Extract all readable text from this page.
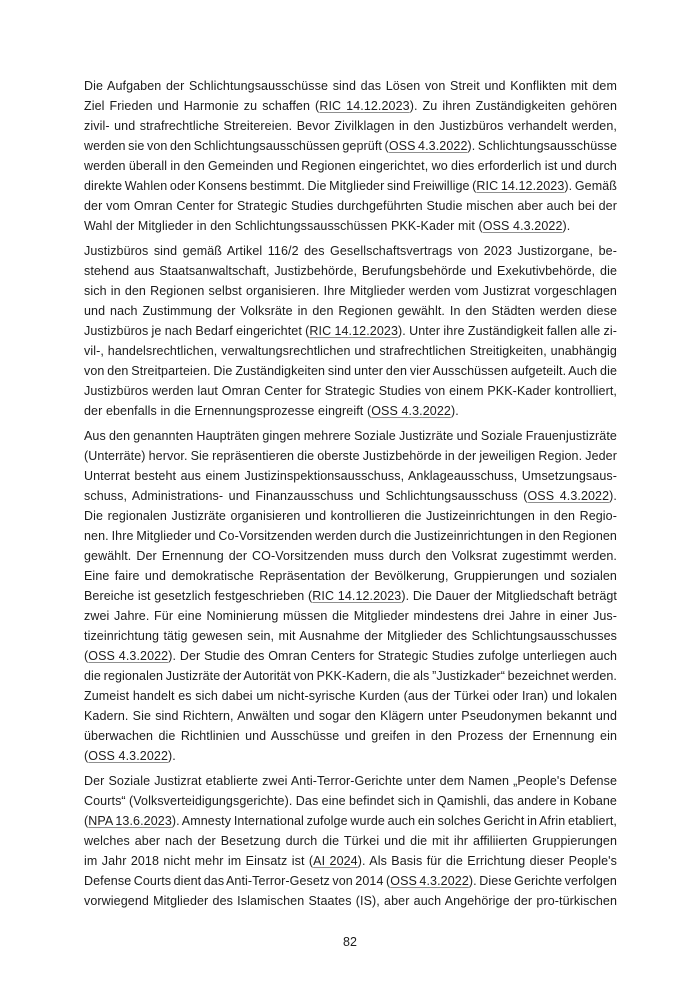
Die Aufgaben der Schlichtungsausschüsse sind das Lösen von Streit und Konflikten mit dem
Ziel Frieden und Harmonie zu schaffen (RIC 14.12.2023). Zu ihren Zuständigkeiten gehören
zivil- und strafrechtliche Streitereien. Bevor Zivilklagen in den Justizbüros verhandelt werden,
werden sie von den Schlichtungsausschüssen geprüft (OSS 4.3.2022). Schlichtungsausschüsse
werden überall in den Gemeinden und Regionen eingerichtet, wo dies erforderlich ist und durch
direkte Wahlen oder Konsens bestimmt. Die Mitglieder sind Freiwillige (RIC 14.12.2023). Gemäß
der vom Omran Center for Strategic Studies durchgeführten Studie mischen aber auch bei der
Wahl der Mitglieder in den Schlichtungssausschüssen PKK-Kader mit (OSS 4.3.2022).
Justizbüros sind gemäß Artikel 116/2 des Gesellschaftsvertrags von 2023 Justizorgane, be-
stehend aus Staatsanwaltschaft, Justizbehörde, Berufungsbehörde und Exekutivbehörde, die
sich in den Regionen selbst organisieren. Ihre Mitglieder werden vom Justizrat vorgeschlagen
und nach Zustimmung der Volksräte in den Regionen gewählt. In den Städten werden diese
Justizbüros je nach Bedarf eingerichtet (RIC 14.12.2023). Unter ihre Zuständigkeit fallen alle zi-
vil-, handelsrechtlichen, verwaltungsrechtlichen und strafrechtlichen Streitigkeiten, unabhängig
von den Streitparteien. Die Zuständigkeiten sind unter den vier Ausschüssen aufgeteilt. Auch die
Justizbüros werden laut Omran Center for Strategic Studies von einem PKK-Kader kontrolliert,
der ebenfalls in die Ernennungsprozesse eingreift (OSS 4.3.2022).
Aus den genannten Haupträten gingen mehrere Soziale Justizräte und Soziale Frauenjustizräte
(Unterräte) hervor. Sie repräsentieren die oberste Justizbehörde in der jeweiligen Region. Jeder
Unterrat besteht aus einem Justizinspektionsausschuss, Anklageausschuss, Umsetzungsaus-
schuss, Administrations- und Finanzausschuss und Schlichtungsausschuss (OSS 4.3.2022).
Die regionalen Justizräte organisieren und kontrollieren die Justizeinrichtungen in den Regio-
nen. Ihre Mitglieder und Co-Vorsitzenden werden durch die Justizeinrichtungen in den Regionen
gewählt. Der Ernennung der CO-Vorsitzenden muss durch den Volksrat zugestimmt werden.
Eine faire und demokratische Repräsentation der Bevölkerung, Gruppierungen und sozialen
Bereiche ist gesetzlich festgeschrieben (RIC 14.12.2023). Die Dauer der Mitgliedschaft beträgt
zwei Jahre. Für eine Nominierung müssen die Mitglieder mindestens drei Jahre in einer Jus-
tizeinrichtung tätig gewesen sein, mit Ausnahme der Mitglieder des Schlichtungsausschusses
(OSS 4.3.2022). Der Studie des Omran Centers for Strategic Studies zufolge unterliegen auch
die regionalen Justizräte der Autorität von PKK-Kadern, die als ”Justizkader“ bezeichnet werden.
Zumeist handelt es sich dabei um nicht-syrische Kurden (aus der Türkei oder Iran) und lokalen
Kadern. Sie sind Richtern, Anwälten und sogar den Klägern unter Pseudonymen bekannt und
überwachen die Richtlinien und Ausschüsse und greifen in den Prozess der Ernennung ein
(OSS 4.3.2022).
Der Soziale Justizrat etablierte zwei Anti-Terror-Gerichte unter dem Namen „People's Defense
Courts“ (Volksverteidigungsgerichte). Das eine befindet sich in Qamishli, das andere in Kobane
(NPA 13.6.2023). Amnesty International zufolge wurde auch ein solches Gericht in Afrin etabliert,
welches aber nach der Besetzung durch die Türkei und die mit ihr affiliierten Gruppierungen
im Jahr 2018 nicht mehr im Einsatz ist (AI 2024). Als Basis für die Errichtung dieser People's
Defense Courts dient das Anti-Terror-Gesetz von 2014 (OSS 4.3.2022). Diese Gerichte verfolgen
vorwiegend Mitglieder des Islamischen Staates (IS), aber auch Angehörige der pro-türkischen
82
